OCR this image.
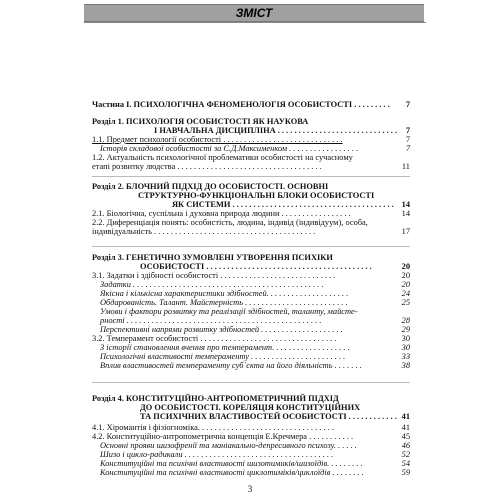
ЗМІСТ
Частина І. ПСИХОЛОГІЧНА ФЕНОМЕНОЛОГІЯ ОСОБИСТОСТІ . . . . . . . . . 7
Розділ 1. ПСИХОЛОГІЯ ОСОБИСТОСТІ ЯК НАУКОВА
І НАВЧАЛЬНА ДИСЦИПЛІНА . . . . . . . . . . . . . . . . . . . . . . . . . . . . . 7
1.1. Предмет психології особистості . . . . . . . . . . . . . . . . . . . . . . . . . . . . .	7
Історія складової особистості за С.Д.Максименком . . . . . . . . . . . . . . . . .	7
1.2. Актуальність психологічної проблематики особистості на сучасному
етапі розвитку людства . . . . . . . . . . . . . . . . . . . . . . . . . . . . . . . . . . .	11
Розділ 2. БЛОЧНИЙ ПІДХІД ДО ОСОБИСТОСТІ. ОСНОВНІ
СТРУКТУРНО-ФУНКЦІОНАЛЬНІ БЛОКИ ОСОБИСТОСТІ
ЯК СИСТЕМИ . . . . . . . . . . . . . . . . . . . . . . . . . . . . . . . . . . . . . . . 14
2.1. Біологічна, суспільна і духовна природа людини . . . . . . . . . . . . . . . . .	14
2.2. Диференціація понять: особистість, людина, індивід (індивідуум), особа,
індивідуальність . . . . . . . . . . . . . . . . . . . . . . . . . . . . . . . . . . . . . . .	17
Розділ 3. ГЕНЕТИЧНО ЗУМОВЛЕНІ УТВОРЕННЯ ПСИХІКИ
ОСОБИСТОСТІ . . . . . . . . . . . . . . . . . . . . . . . . . . . . . . . . . . . . . . . .	20
3.1. Задатки і здібності особистості . . . . . . . . . . . . . . . . . . . . . . . . . . . .	20
Задатки . . . . . . . . . . . . . . . . . . . . . . . . . . . . . . . . . . . . . . . . . . . . . .	20
Якісна і кількісна характеристики здібностей. . . . . . . . . . . . . . . . . . . .	24
Обдарованість. Талант. Майстерність . . . . . . . . . . . . . . . . . . . . . . . . .	25
Умови і фактори розвитку та реалізації здібностей, таланту, майсте-
рності . . . . . . . . . . . . . . . . . . . . . . . . . . . . . . . . . . . . . . . . . . . . . . .	28
Перспективні напрями розвитку здібностей . . . . . . . . . . . . . . . . . . . .	29
3.2. Темперамент особистості . . . . . . . . . . . . . . . . . . . . . . . . . . . . . . . . .	30
З історії становлення вчення про темперамент. . . . . . . . . . . . . . . . . . .	30
Психологічні властивості темпераменту . . . . . . . . . . . . . . . . . . . . . . .	33
Вплив властивостей темпераменту суб`єкта на його діяльність . . . . . . .	38
Розділ 4. КОНСТИТУЦІЙНО-АНТРОПОМЕТРИЧНИЙ ПІДХІД
ДО ОСОБИСТОСТІ. КОРЕЛЯЦІЯ КОНСТИТУЦІЙНИХ
ТА ПСИХІЧНИХ ВЛАСТИВОСТЕЙ ОСОБИСТОСТІ . . . . . . . . . . . . 41
4.1. Хіромантія і фізіогноміка. . . . . . . . . . . . . . . . . . . . . . . . . . . . . . . . .	41
4.2. Конституційно-антропометрична концепція Е.Кречмера . . . . . . . . . . .	45
Основні прояви шизофренії та маніакально-депресивного психозу. . . . . .	46
Шизо і цикло-радикали . . . . . . . . . . . . . . . . . . . . . . . . . . . . . . . . . . . .	52
Конституційні та психічні властивості шизотимиків/шизоїдів. . . . . . . . .	54
Конституційні та психічні властивості циклотиміків/циклоїдів . . . . . . . .	59
3
